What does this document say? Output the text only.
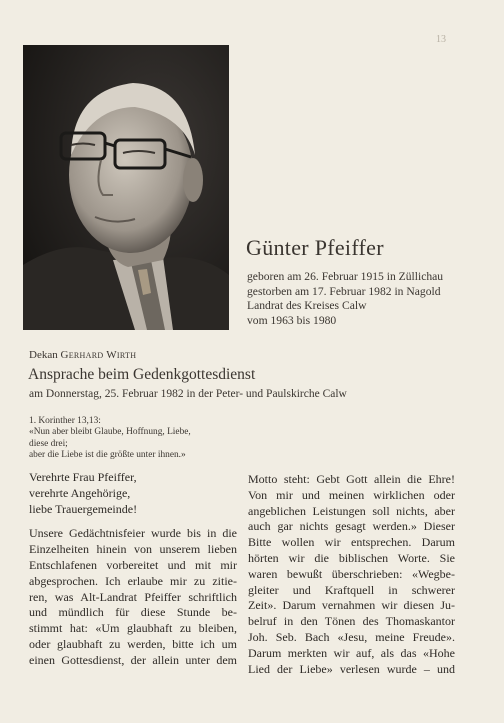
13
Günter Pfeiffer
geboren am 26. Februar 1915 in Züllichau
gestorben am 17. Februar 1982 in Nagold
Landrat des Kreises Calw
vom 1963 bis 1980
Dekan Gerhard Wirth
Ansprache beim Gedenkgottesdienst
am Donnerstag, 25. Februar 1982 in der Peter- und Paulskirche Calw
1. Korinther 13,13:
«Nun aber bleibt Glaube, Hoffnung, Liebe,
diese drei;
aber die Liebe ist die größte unter ihnen.»
Verehrte Frau Pfeiffer,
verehrte Angehörige,
liebe Trauergemeinde!
Unsere Gedächtnisfeier wurde bis in die
Einzelheiten hinein von unserem lieben
Entschlafenen vorbereitet und mit mir
abgesprochen. Ich erlaube mir zu zitie-
ren, was Alt-Landrat Pfeiffer schriftlich
und mündlich für diese Stunde be-
stimmt hat: «Um glaubhaft zu bleiben,
oder glaubhaft zu werden, bitte ich um
einen Gottesdienst, der allein unter dem
Motto steht: Gebt Gott allein die Ehre!
Von mir und meinen wirklichen oder
angeblichen Leistungen soll nichts, aber
auch gar nichts gesagt werden.» Dieser
Bitte wollen wir entsprechen. Darum
hörten wir die biblischen Worte. Sie
waren bewußt überschrieben: «Wegbe-
gleiter und Kraftquell in schwerer
Zeit». Darum vernahmen wir diesen Ju-
belruf in den Tönen des Thomaskantor
Joh. Seb. Bach «Jesu, meine Freude».
Darum merkten wir auf, als das «Hohe
Lied der Liebe» verlesen wurde – und
